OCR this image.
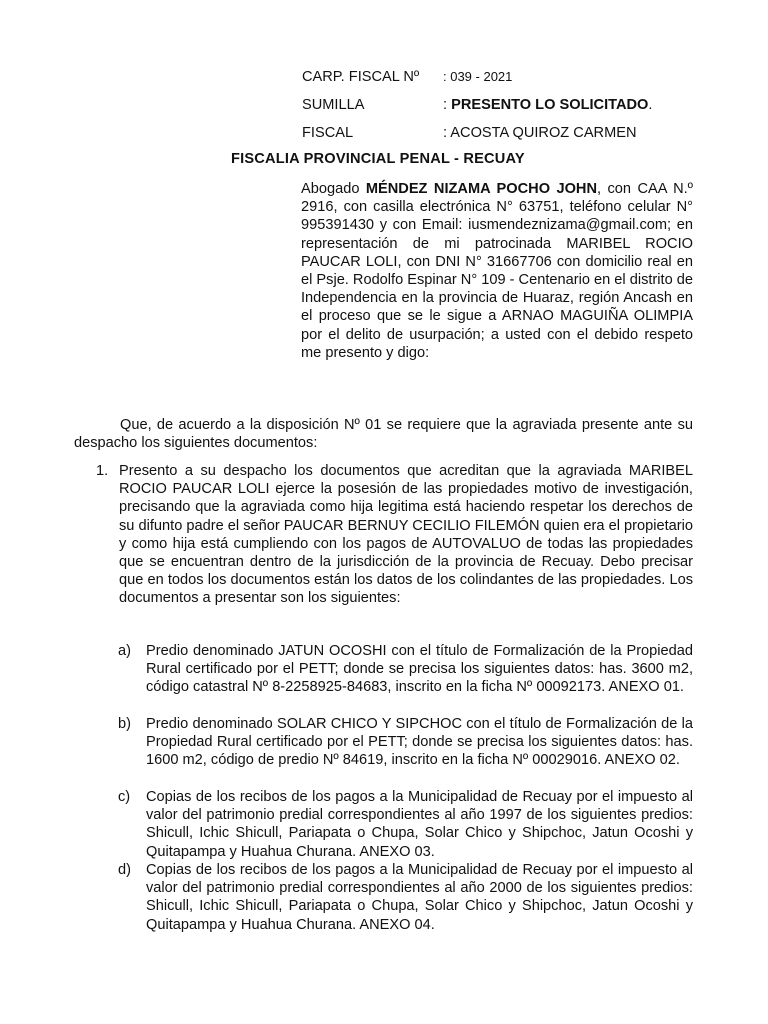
CARP. FISCAL Nº : 039 - 2021
SUMILLA	: PRESENTO LO SOLICITADO.
FISCAL	: ACOSTA QUIROZ CARMEN
FISCALIA PROVINCIAL PENAL - RECUAY
Abogado MÉNDEZ NIZAMA POCHO JOHN, con CAA N.º 2916, con casilla electrónica N° 63751, teléfono celular N° 995391430 y con Email: iusmendeznizama@gmail.com; en representación de mi patrocinada MARIBEL ROCIO PAUCAR LOLI, con DNI N° 31667706 con domicilio real en el Psje. Rodolfo Espinar N° 109 - Centenario en el distrito de Independencia en la provincia de Huaraz, región Ancash en el proceso que se le sigue a ARNAO MAGUIÑA OLIMPIA por el delito de usurpación; a usted con el debido respeto me presento y digo:
Que, de acuerdo a la disposición Nº 01 se requiere que la agraviada presente ante su despacho los siguientes documentos:
1. Presento a su despacho los documentos que acreditan que la agraviada MARIBEL ROCIO PAUCAR LOLI ejerce la posesión de las propiedades motivo de investigación, precisando que la agraviada como hija legitima está haciendo respetar los derechos de su difunto padre el señor PAUCAR BERNUY CECILIO FILEMÓN quien era el propietario y como hija está cumpliendo con los pagos de AUTOVALUO de todas las propiedades que se encuentran dentro de la jurisdicción de la provincia de Recuay. Debo precisar que en todos los documentos están los datos de los colindantes de las propiedades. Los documentos a presentar son los siguientes:
a) Predio denominado JATUN OCOSHI con el título de Formalización de la Propiedad Rural certificado por el PETT; donde se precisa los siguientes datos: has. 3600 m2, código catastral Nº 8-2258925-84683, inscrito en la ficha Nº 00092173. ANEXO 01.
b) Predio denominado SOLAR CHICO Y SIPCHOC con el título de Formalización de la Propiedad Rural certificado por el PETT; donde se precisa los siguientes datos: has. 1600 m2, código de predio Nº 84619, inscrito en la ficha Nº 00029016. ANEXO 02.
c) Copias de los recibos de los pagos a la Municipalidad de Recuay por el impuesto al valor del patrimonio predial correspondientes al año 1997 de los siguientes predios: Shicull, Ichic Shicull, Pariapata o Chupa, Solar Chico y Shipchoc, Jatun Ocoshi y Quitapampa y Huahua Churana. ANEXO 03.
d) Copias de los recibos de los pagos a la Municipalidad de Recuay por el impuesto al valor del patrimonio predial correspondientes al año 2000 de los siguientes predios: Shicull, Ichic Shicull, Pariapata o Chupa, Solar Chico y Shipchoc, Jatun Ocoshi y Quitapampa y Huahua Churana. ANEXO 04.
